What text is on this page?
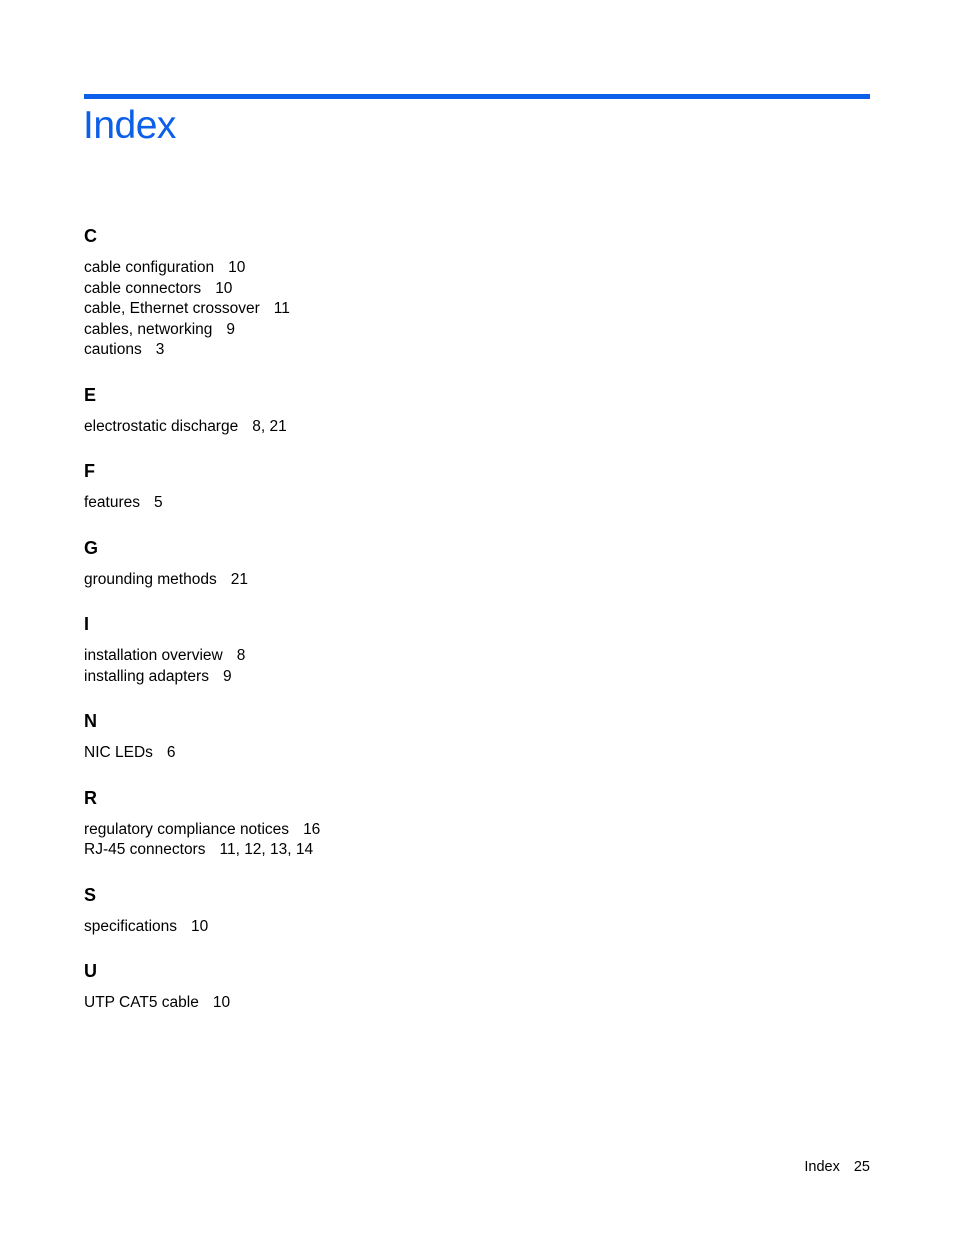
Index
C
cable configuration 10
cable connectors 10
cable, Ethernet crossover 11
cables, networking 9
cautions 3
E
electrostatic discharge 8, 21
F
features 5
G
grounding methods 21
I
installation overview 8
installing adapters 9
N
NIC LEDs 6
R
regulatory compliance notices 16
RJ-45 connectors 11, 12, 13, 14
S
specifications 10
U
UTP CAT5 cable 10
Index 25
